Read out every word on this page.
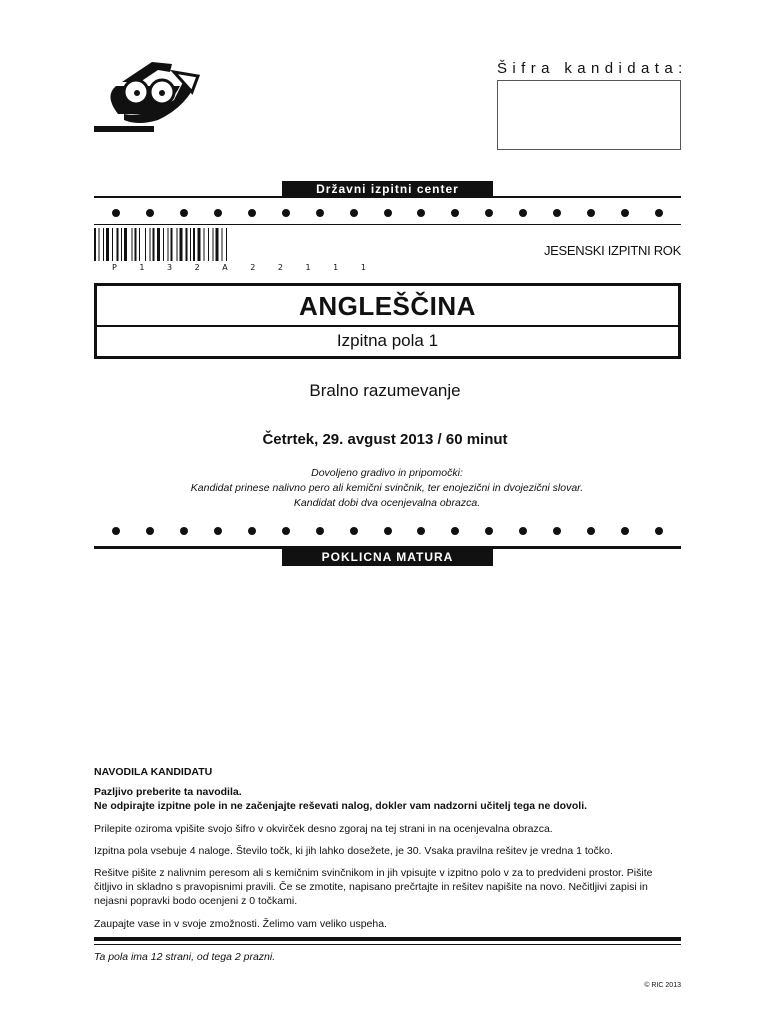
Šifra kandidata:
Državni izpitni center
P 1 3 2 A 2 2 1 1 1
JESENSKI IZPITNI ROK
ANGLEŠČINA
Izpitna pola 1
Bralno razumevanje
Četrtek, 29. avgust 2013 / 60 minut
Dovoljeno gradivo in pripomočki:
Kandidat prinese nalivno pero ali kemični svinčnik, ter enojezični in dvojezični slovar.
Kandidat dobi dva ocenjevalna obrazca.
POKLICNA MATURA
NAVODILA KANDIDATU
Pazljivo preberite ta navodila.
Ne odpirajte izpitne pole in ne začenjajte reševati nalog, dokler vam nadzorni učitelj tega ne dovoli.
Prilepite oziroma vpišite svojo šifro v okvirček desno zgoraj na tej strani in na ocenjevalna obrazca.
Izpitna pola vsebuje 4 naloge. Število točk, ki jih lahko dosežete, je 30. Vsaka pravilna rešitev je vredna 1 točko.
Rešitve pišite z nalivnim peresom ali s kemičnim svinčnikom in jih vpisujte v izpitno polo v za to predvideni prostor. Pišite čitljivo in skladno s pravopisnimi pravili. Če se zmotite, napisano prečrtajte in rešitev napišite na novo. Nečitljivi zapisi in nejasni popravki bodo ocenjeni z 0 točkami.
Zaupajte vase in v svoje zmožnosti. Želimo vam veliko uspeha.
Ta pola ima 12 strani, od tega 2 prazni.
© RIC 2013
